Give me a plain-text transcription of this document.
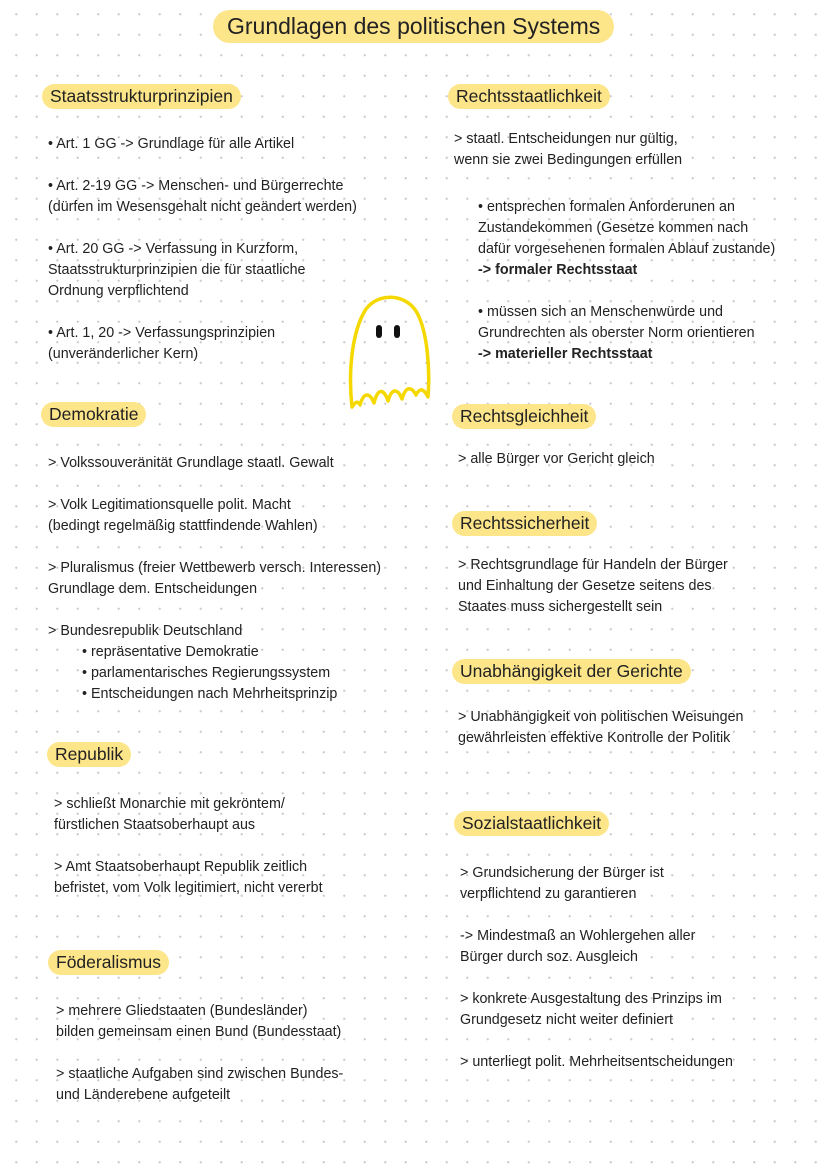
Grundlagen des politischen Systems
Staatsstrukturprinzipien

• Art. 1 GG -> Grundlage für alle Artikel

• Art. 2-19 GG -> Menschen- und Bürgerrechte

(dürfen im Wesensgehalt nicht geändert werden)

• Art. 20 GG -> Verfassung in Kurzform,

Staatsstrukturprinzipien die für staatliche

Ordnung verpflichtend

• Art. 1, 20 -> Verfassungsprinzipien

(unveränderlicher Kern)

Demokratie

> Volkssouveränität Grundlage staatl. Gewalt

> Volk Legitimationsquelle polit. Macht

(bedingt regelmäßig stattfindende Wahlen)

> Pluralismus (freier Wettbewerb versch. Interessen)

Grundlage dem. Entscheidungen

> Bundesrepublik Deutschland

• repräsentative Demokratie

• parlamentarisches Regierungssystem

• Entscheidungen nach Mehrheitsprinzip

Republik

> schließt Monarchie mit gekröntem/

fürstlichen Staatsoberhaupt aus

> Amt Staatsoberhaupt Republik zeitlich

befristet, vom Volk legitimiert, nicht vererbt

Föderalismus

> mehrere Gliedstaaten (Bundesländer)

bilden gemeinsam einen Bund (Bundesstaat)

> staatliche Aufgaben sind zwischen Bundes-

und Länderebene aufgeteilt

Rechtsstaatlichkeit

> staatl. Entscheidungen nur gültig,

wenn sie zwei Bedingungen erfüllen

• entsprechen formalen Anforderunen an

Zustandekommen (Gesetze kommen nach

dafür vorgesehenen formalen Ablauf zustande)

-> formaler Rechtsstaat

• müssen sich an Menschenwürde und

Grundrechten als oberster Norm orientieren

-> materieller Rechtsstaat

Rechtsgleichheit

> alle Bürger vor Gericht gleich

Rechtssicherheit

> Rechtsgrundlage für Handeln der Bürger

und Einhaltung der Gesetze seitens des

Staates muss sichergestellt sein

Unabhängigkeit der Gerichte

> Unabhängigkeit von politischen Weisungen

gewährleisten effektive Kontrolle der Politik

Sozialstaatlichkeit

> Grundsicherung der Bürger ist

verpflichtend zu garantieren

-> Mindestmaß an Wohlergehen aller

Bürger durch soz. Ausgleich

> konkrete Ausgestaltung des Prinzips im

Grundgesetz nicht weiter definiert

> unterliegt polit. Mehrheitsentscheidungen
